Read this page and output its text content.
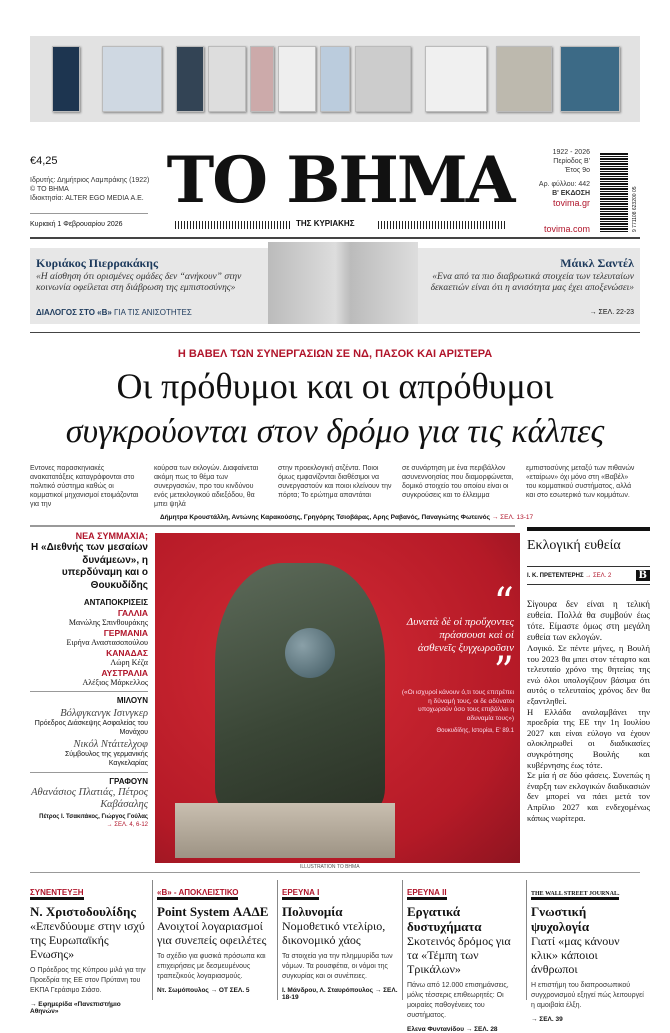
€4,25
Ιδρυτής: Δημήτριος Λαμπράκης (1922)
© ΤΟ ΒΗΜΑ
Ιδιοκτησία: ALTER EGO MEDIA Α.Ε.
Κυριακή 1 Φεβρουαρίου 2026
ΤΟ ΒΗΜΑ
ΤΗΣ ΚΥΡΙΑΚΗΣ
1922 - 2026
Περίοδος Β'
Έτος 9ο
Αρ. φύλλου: 442
Β' ΕΚΔΟΣΗ
tovima.gr
tovima.com	9 771108 623200 05
Κυριάκος Πιερρακάκης
«Η αίσθηση ότι ορισμένες ομάδες δεν “ανήκουν” στην κοινωνία οφείλεται στη διάβρωση της εμπιστοσύνης»
ΔΙΑΛΟΓΟΣ ΣΤΟ «Β» ΓΙΑ ΤΙΣ ΑΝΙΣΟΤΗΤΕΣ
Μάικλ Σαντέλ
«Ενα από τα πιο διαβρωτικά στοιχεία των τελευταίων δεκαετιών είναι ότι η ανισότητα μας έχει αποξενώσει»
→ ΣΕΛ. 22-23
Η ΒΑΒΕΛ ΤΩΝ ΣΥΝΕΡΓΑΣΙΩΝ ΣΕ ΝΔ, ΠΑΣΟΚ ΚΑΙ ΑΡΙΣΤΕΡΑ
Οι πρόθυμοι και οι απρόθυμοι
συγκρούονται στον δρόμο για τις κάλπες
Εντονες παρασκηνιακές ανακατατάξεις καταγράφονται στο πολιτικό σύστημα καθώς οι κομματικοί μηχανισμοί ετοιμάζονται για την
κούρσα των εκλογών. Διαφαίνεται ακόμη πως το θέμα των συνεργασιών, προ του κινδύνου ενός μετεκλογικού αδιεξόδου, θα μπει ψηλά
στην προεκλογική ατζέντα. Ποιοι όμως εμφανίζονται διαθέσιμοι να συνεργαστούν και ποιοι κλείνουν την πόρτα; Το ερώτημα απαντάται
σε συνάρτηση με ένα περιβάλλον ασυνεννοησίας που διαμορφώνεται, δομικό στοιχείο του οποίου είναι οι συγκρούσεις και το έλλειμμα
εμπιστοσύνης μεταξύ των πιθανών «εταίρων» όχι μόνο στη «Βαβέλ» του κομματικού συστήματος, αλλά και στο εσωτερικό των κομμάτων.
Δήμητρα Κρουστάλλη, Αντώνης Καρακούσης, Γρηγόρης Τσιοβάρας, Αρης Ραβανός, Παναγιώτης Φωτεινός → ΣΕΛ. 13-17
ΝΕΑ ΣΥΜΜΑΧΙΑ;
Η «Διεθνής των μεσαίων δυνάμεων», η υπερδύναμη και ο Θουκυδίδης
ΑΝΤΑΠΟΚΡΙΣΕΙΣ
ΓΑΛΛΙΑ
Μανώλης Σπινθουράκης
ΓΕΡΜΑΝΙΑ
Ειρήνα Αναστασοπούλου
ΚΑΝΑΔΑΣ
Λώρη Κέζα
ΑΥΣΤΡΑΛΙΑ
Αλέξιος Μάρκελλος
ΜΙΛΟΥΝ
Βόλφγκανγκ Ισινγκερ
Πρόεδρος Διάσκεψης Ασφαλείας του Μονάχου
Νικόλ Ντάιτελχοφ
Σύμβουλος της γερμανικής Καγκελαρίας
ΓΡΑΦΟΥΝ
Αθανάσιος Πλατιάς, Πέτρος Καβάσαλης
Πέτρος Ι. Τσακιτάκος, Γιώργος Γούλας
→ ΣΕΛ. 4, 6-12
“
Δυνατὰ δὲ οἱ προὔχοντες πράσσουσι καὶ οἱ ἀσθενεῖς ξυγχωροῦσιν
”
(«Οι ισχυροί κάνουν ό,τι τους επιτρέπει η δύναμή τους, οι δε αδύνατοι υποχωρούν όσο τους επιβάλλει η αδυναμία τους»)
Θουκυδίδης, Ιστορίαι, Ε' 89.1
ILLUSTRATION ΤΟ ΒΗΜΑ
Εκλογική ευθεία
Ι. Κ. ΠΡΕΤΕΝΤΕΡΗΣ → ΣΕΛ. 2	Β
Σίγουρα δεν είναι η τελική ευθεία. Πολλά θα συμβούν έως τότε. Είμαστε όμως στη μεγάλη ευθεία των εκλογών.
Λογικό. Σε πέντε μήνες, η Βουλή του 2023 θα μπει στον τέταρτο και τελευταίο χρόνο της θητείας της ενώ όλοι υπολογίζουν βάσιμα ότι αυτός ο τελευταίος χρόνος δεν θα εξαντληθεί.
Η Ελλάδα αναλαμβάνει την προεδρία της ΕΕ την 1η Ιουλίου 2027 και είναι εύλογο να έχουν ολοκληρωθεί οι διαδικασίες συγκρότησης Βουλής και κυβέρνησης έως τότε.
Σε μία ή σε δύο φάσεις. Συνεπώς η έναρξη των εκλογικών διαδικασιών δεν μπορεί να πάει μετά τον Απρίλιο 2027 και ενδεχομένως κάπως νωρίτερα.
ΣΥΝΕΝΤΕΥΞΗ
Ν. Χριστοδουλίδης
«Επενδύουμε στην ισχύ της Ευρωπαϊκής Ενωσης»
Ο Πρόεδρος της Κύπρου μιλά για την Προεδρία της ΕΕ στον Πρύτανη του ΕΚΠΑ Γεράσιμο Σιάσο.
→ Εφημερίδα «Πανεπιστήμιο Αθηνών»
«Β» - ΑΠΟΚΛΕΙΣΤΙΚΟ
Point System ΑΑΔΕ
Ανοιχτοί λογαριασμοί για συνεπείς οφειλέτες
Το σχέδιο για φυσικά πρόσωπα και επιχειρήσεις με δεσμευμένους τραπεζικούς λογαριασμούς.
Ντ. Σωμόπουλος → ΟΤ ΣΕΛ. 5
ΕΡΕΥΝΑ Ι
Πολυνομία
Νομοθετικό ντελίριο, δικονομικό χάος
Τα στοιχεία για την πλημμυρίδα των νόμων. Τα ρουσφέτια, οι νόμοι της συγκυρίας και οι συνέπειες.
Ι. Μάνδρου, Λ. Σταυρόπουλος → ΣΕΛ. 18-19
ΕΡΕΥΝΑ ΙΙ
Εργατικά δυστυχήματα
Σκοτεινός δρόμος για τα «Τέμπη των Τρικάλων»
Πάνω από 12.000 επισημάνσεις, μόλις τέσσερις επιθεωρητές: Οι μοιραίες παθογένειες του συστήματος.
Ελενα Φυντανίδου → ΣΕΛ. 28
THE WALL STREET JOURNAL.
Γνωστική ψυχολογία
Γιατί «μας κάνουν κλικ» κάποιοι άνθρωποι
Η επιστήμη του διαπροσωπικού συγχρονισμού εξηγεί πώς λειτουργεί η αμοιβαία έλξη.
→ ΣΕΛ. 39
